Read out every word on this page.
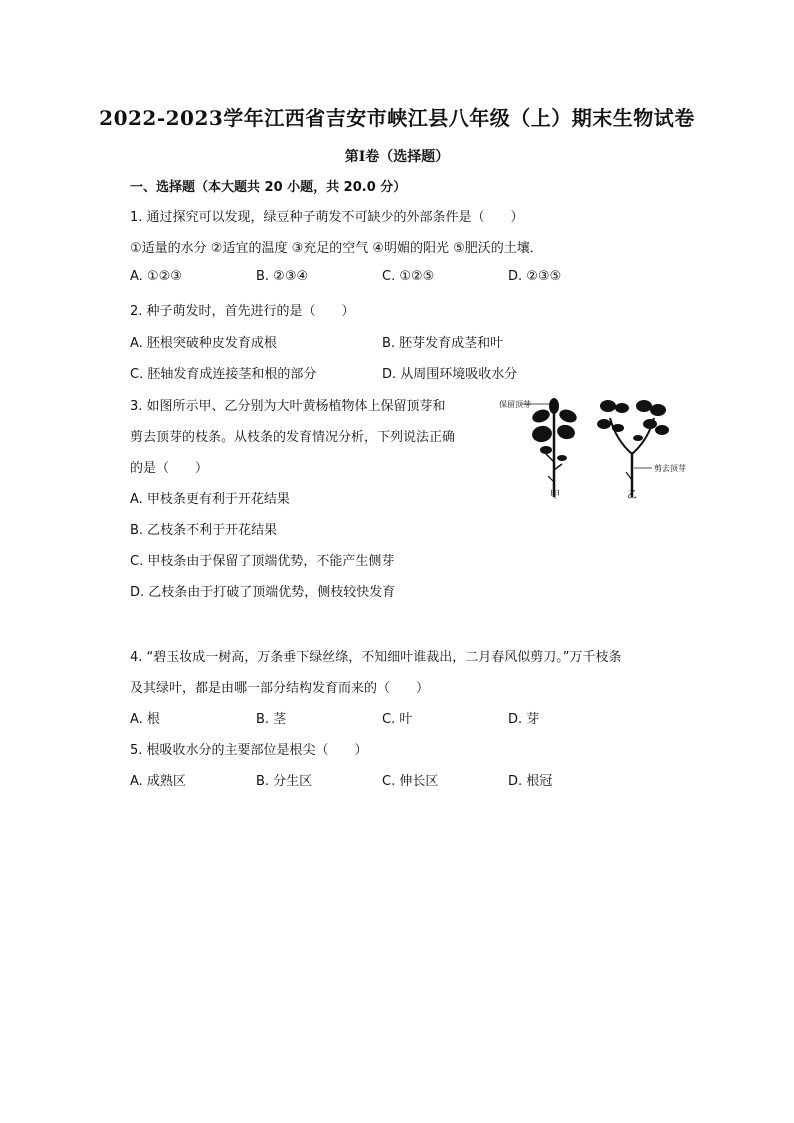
2022-2023学年江西省吉安市峡江县八年级（上）期末生物试卷
第Ⅰ卷（选择题）
一、选择题（本大题共 20 小题，共 20.0 分）
1. 通过探究可以发现，绿豆种子萌发不可缺少的外部条件是（　　）
①适量的水分 ②适宜的温度 ③充足的空气 ④明媚的阳光 ⑤肥沃的土壤．
A. ①②③	B. ②③④	C. ①②⑤	D. ②③⑤
2. 种子萌发时，首先进行的是（　　）
A. 胚根突破种皮发育成根	B. 胚芽发育成茎和叶
C. 胚轴发育成连接茎和根的部分	D. 从周围环境吸收水分
3. 如图所示甲、乙分别为大叶黄杨植物体上保留顶芽和
剪去顶芽的枝条。从枝条的发育情况分析，下列说法正确
的是（　　）
A. 甲枝条更有利于开花结果
B. 乙枝条不利于开花结果
C. 甲枝条由于保留了顶端优势，不能产生侧芽
D. 乙枝条由于打破了顶端优势，侧枝较快发育
保留顶芽
甲
剪去顶芽
乙
4. “碧玉妆成一树高，万条垂下绿丝绦，不知细叶谁裁出，二月春风似剪刀。”万千枝条
及其绿叶，都是由哪一部分结构发育而来的（　　）
A. 根	B. 茎	C. 叶	D. 芽
5. 根吸收水分的主要部位是根尖（　　）
A. 成熟区	B. 分生区	C. 伸长区	D. 根冠
